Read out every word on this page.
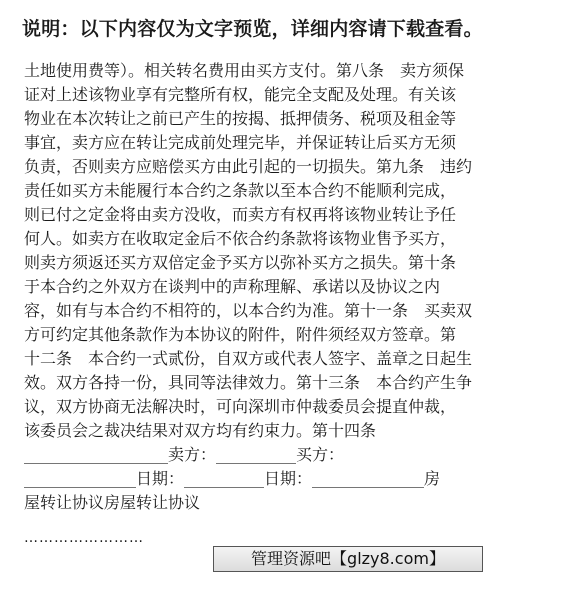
说明：以下内容仅为文字预览，详细内容请下载查看。
土地使用费等）。相关转名费用由买方支付。第八条　卖方须保
证对上述该物业享有完整所有权，能完全支配及处理。有关该
物业在本次转让之前已产生的按揭、抵押债务、税项及租金等
事宜，卖方应在转让完成前处理完毕，并保证转让后买方无须
负责，否则卖方应赔偿买方由此引起的一切损失。第九条　违约
责任如买方未能履行本合约之条款以至本合约不能顺利完成，
则已付之定金将由卖方没收，而卖方有权再将该物业转让予任
何人。如卖方在收取定金后不依合约条款将该物业售予买方，
则卖方须返还买方双倍定金予买方以弥补买方之损失。第十条
于本合约之外双方在谈判中的声称理解、承诺以及协议之内
容，如有与本合约不相符的，以本合约为准。第十一条　买卖双
方可约定其他条款作为本协议的附件，附件须经双方签章。第
十二条　本合约一式贰份，自双方或代表人签字、盖章之日起生
效。双方各持一份，具同等法律效力。第十三条　本合约产生争
议，双方协商无法解决时，可向深圳市仲裁委员会提直仲裁，
该委员会之裁决结果对双方均有约束力。第十四条
__________________卖方：__________买方：
______________日期：__________日期：______________房
屋转让协议房屋转让协议
……………………
管理资源吧【glzy8.com】
